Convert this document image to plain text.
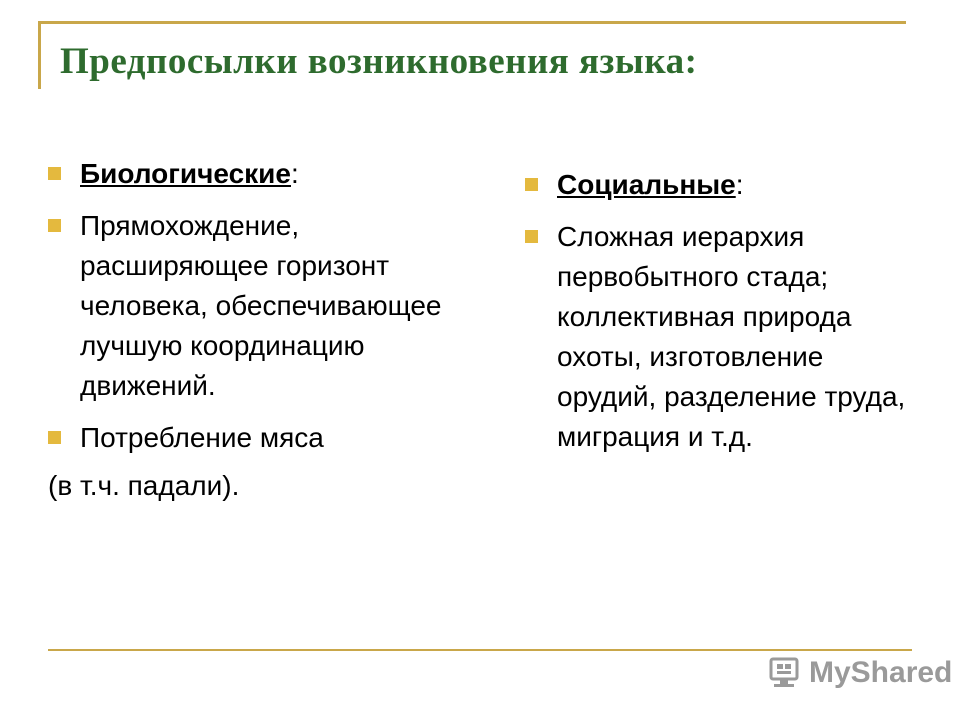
Предпосылки возникновения языка:
Биологические:
Прямохождение, расширяющее горизонт человека, обеспечивающее лучшую координацию движений.
Потребление мяса
(в т.ч. падали).
Социальные:
Сложная иерархия первобытного стада; коллективная природа охоты, изготовление орудий, разделение труда, миграция и т.д.
MyShared
